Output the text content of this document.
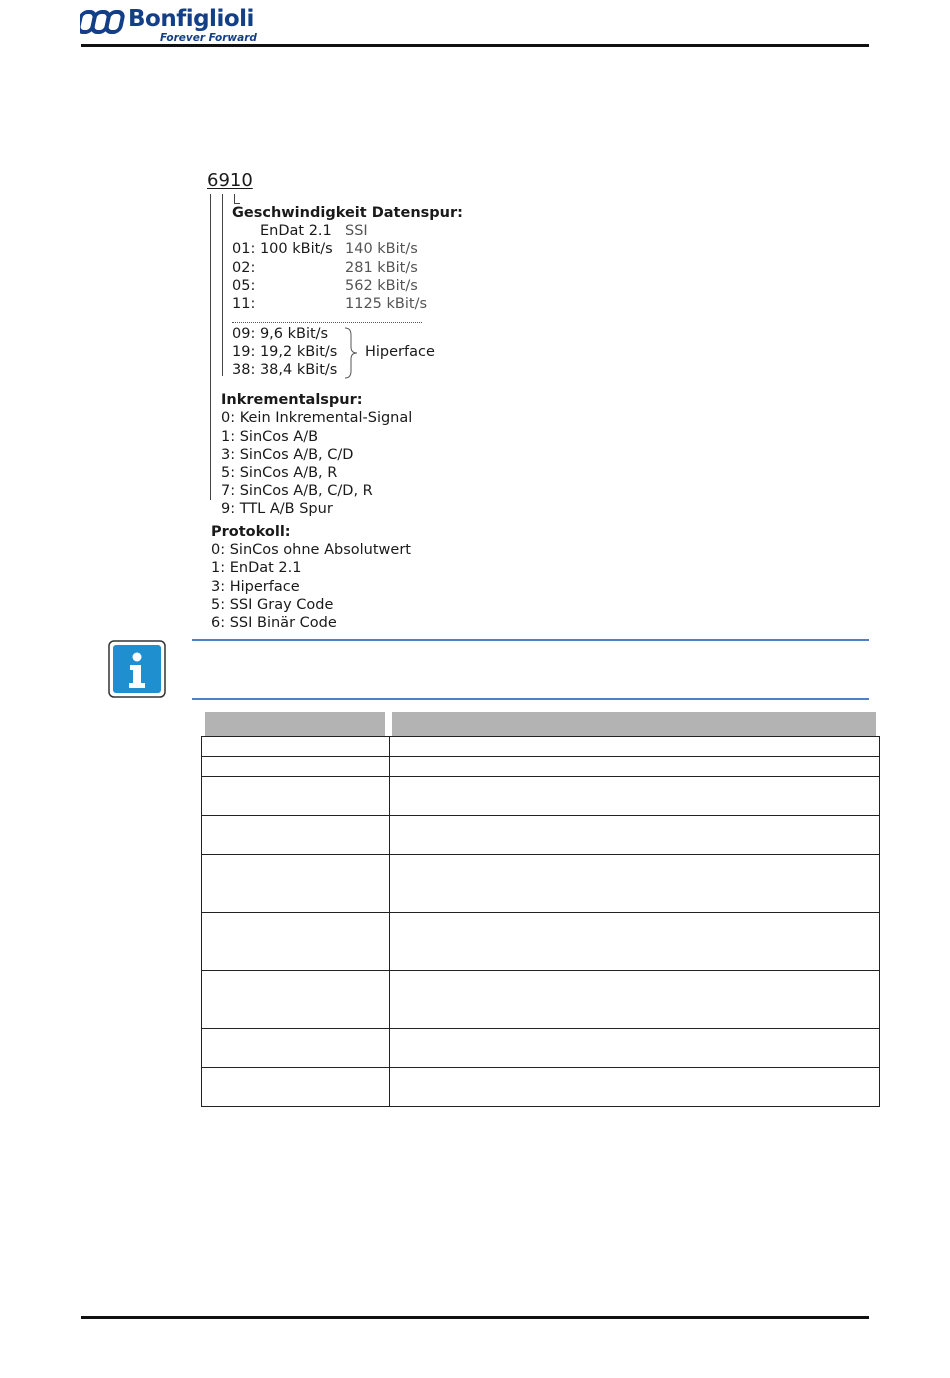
Bonfiglioli
Forever Forward
6910
Geschwindigkeit Datenspur:
EnDat 2.1 SSI
01: 100 kBit/s 140 kBit/s
02:	281 kBit/s
05:	562 kBit/s
11:	1125 kBit/s
09: 9,6 kBit/s
19: 19,2 kBit/s
38: 38,4 kBit/s
Hiperface
Inkrementalspur:
0: Kein Inkremental-Signal
1: SinCos A/B
3: SinCos A/B, C/D
5: SinCos A/B, R
7: SinCos A/B, C/D, R
9: TTL A/B Spur
Protokoll:
0: SinCos ohne Absolutwert
1: EnDat 2.1
3: Hiperface
5: SSI Gray Code
6: SSI Binär Code
